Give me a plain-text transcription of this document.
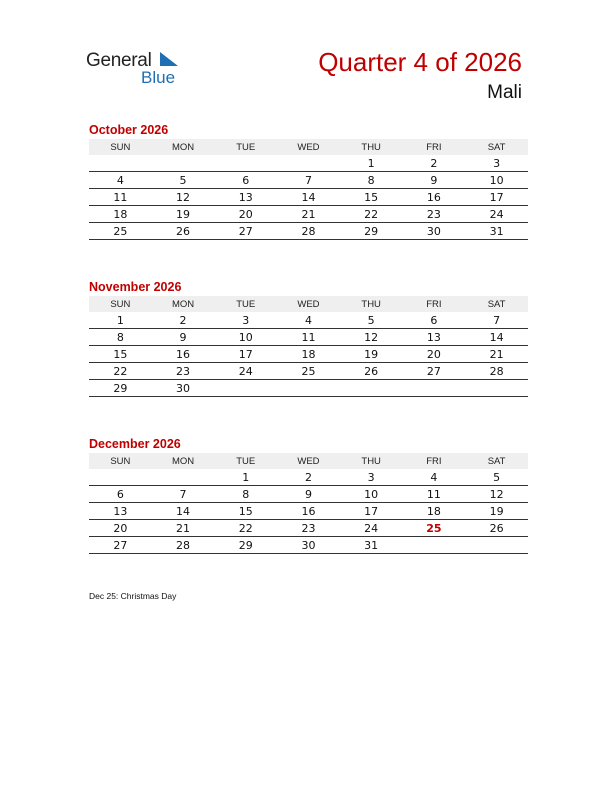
General
Blue
Quarter 4 of 2026
Mali
October 2026
SUN	MON	TUE	WED	THU	FRI	SAT
				1	2	3
4	5	6	7	8	9	10
11	12	13	14	15	16	17
18	19	20	21	22	23	24
25	26	27	28	29	30	31
November 2026
SUN	MON	TUE	WED	THU	FRI	SAT
1	2	3	4	5	6	7
8	9	10	11	12	13	14
15	16	17	18	19	20	21
22	23	24	25	26	27	28
29	30					
December 2026
SUN	MON	TUE	WED	THU	FRI	SAT
		1	2	3	4	5
6	7	8	9	10	11	12
13	14	15	16	17	18	19
20	21	22	23	24	25	26
27	28	29	30	31		
Dec 25: Christmas Day
